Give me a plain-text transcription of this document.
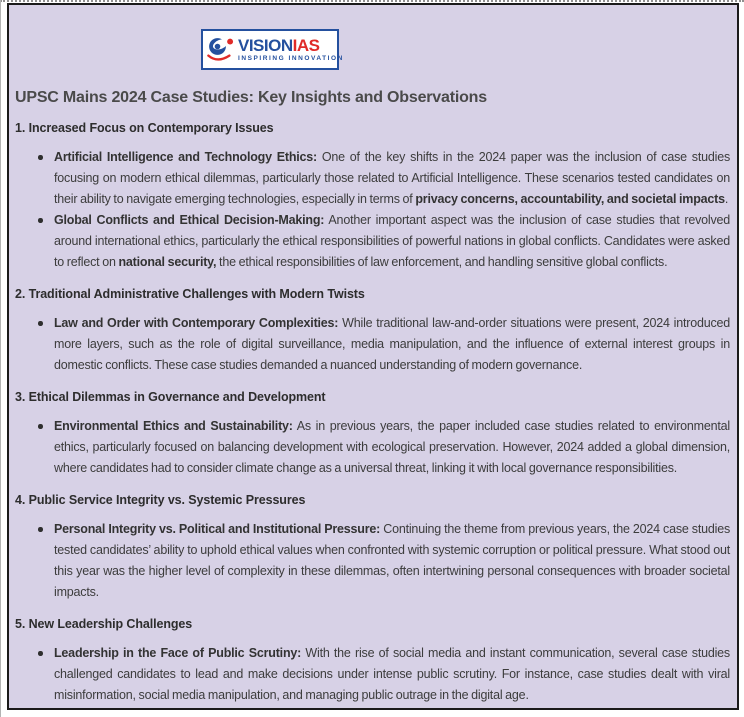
VISIONIAS
INSPIRING INNOVATION
UPSC Mains 2024 Case Studies: Key Insights and Observations
1. Increased Focus on Contemporary Issues
Artificial Intelligence and Technology Ethics: One of the key shifts in the 2024 paper was the inclusion of case studies focusing on modern ethical dilemmas, particularly those related to Artificial Intelligence. These scenarios tested candidates on their ability to navigate emerging technologies, especially in terms of privacy concerns, accountability, and societal impacts.
Global Conflicts and Ethical Decision-Making: Another important aspect was the inclusion of case studies that revolved around international ethics, particularly the ethical responsibilities of powerful nations in global conflicts. Candidates were asked to reflect on national security, the ethical responsibilities of law enforcement, and handling sensitive global conflicts.
2. Traditional Administrative Challenges with Modern Twists
Law and Order with Contemporary Complexities: While traditional law-and-order situations were present, 2024 introduced more layers, such as the role of digital surveillance, media manipulation, and the influence of external interest groups in domestic conflicts. These case studies demanded a nuanced understanding of modern governance.
3. Ethical Dilemmas in Governance and Development
Environmental Ethics and Sustainability: As in previous years, the paper included case studies related to environmental ethics, particularly focused on balancing development with ecological preservation. However, 2024 added a global dimension, where candidates had to consider climate change as a universal threat, linking it with local governance responsibilities.
4. Public Service Integrity vs. Systemic Pressures
Personal Integrity vs. Political and Institutional Pressure: Continuing the theme from previous years, the 2024 case studies tested candidates’ ability to uphold ethical values when confronted with systemic corruption or political pressure. What stood out this year was the higher level of complexity in these dilemmas, often intertwining personal consequences with broader societal impacts.
5. New Leadership Challenges
Leadership in the Face of Public Scrutiny: With the rise of social media and instant communication, several case studies challenged candidates to lead and make decisions under intense public scrutiny. For instance, case studies dealt with viral misinformation, social media manipulation, and managing public outrage in the digital age.
